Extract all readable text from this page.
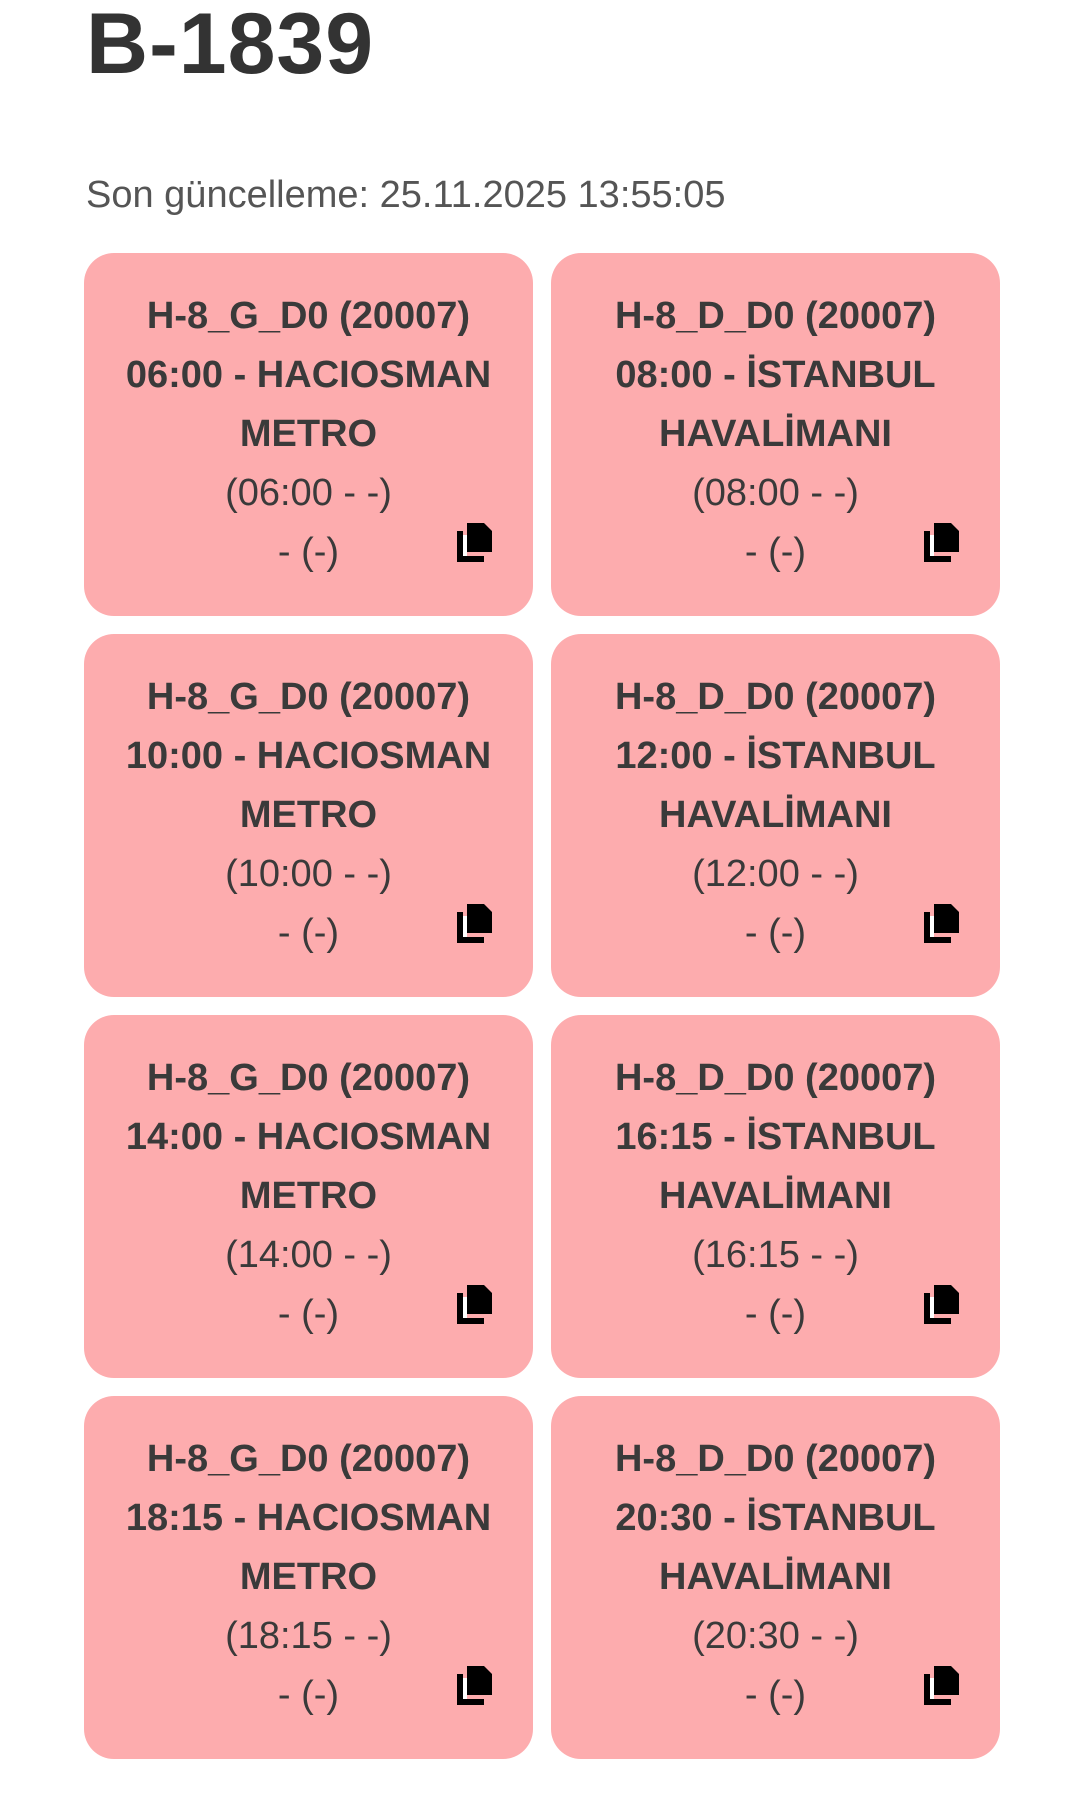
B-1839
Son güncelleme: 25.11.2025 13:55:05
H-8_G_D0 (20007)
06:00 - HACIOSMAN
METRO
(06:00 - -)
- (-)
H-8_D_D0 (20007)
08:00 - İSTANBUL
HAVALİMANI
(08:00 - -)
- (-)
H-8_G_D0 (20007)
10:00 - HACIOSMAN
METRO
(10:00 - -)
- (-)
H-8_D_D0 (20007)
12:00 - İSTANBUL
HAVALİMANI
(12:00 - -)
- (-)
H-8_G_D0 (20007)
14:00 - HACIOSMAN
METRO
(14:00 - -)
- (-)
H-8_D_D0 (20007)
16:15 - İSTANBUL
HAVALİMANI
(16:15 - -)
- (-)
H-8_G_D0 (20007)
18:15 - HACIOSMAN
METRO
(18:15 - -)
- (-)
H-8_D_D0 (20007)
20:30 - İSTANBUL
HAVALİMANI
(20:30 - -)
- (-)
